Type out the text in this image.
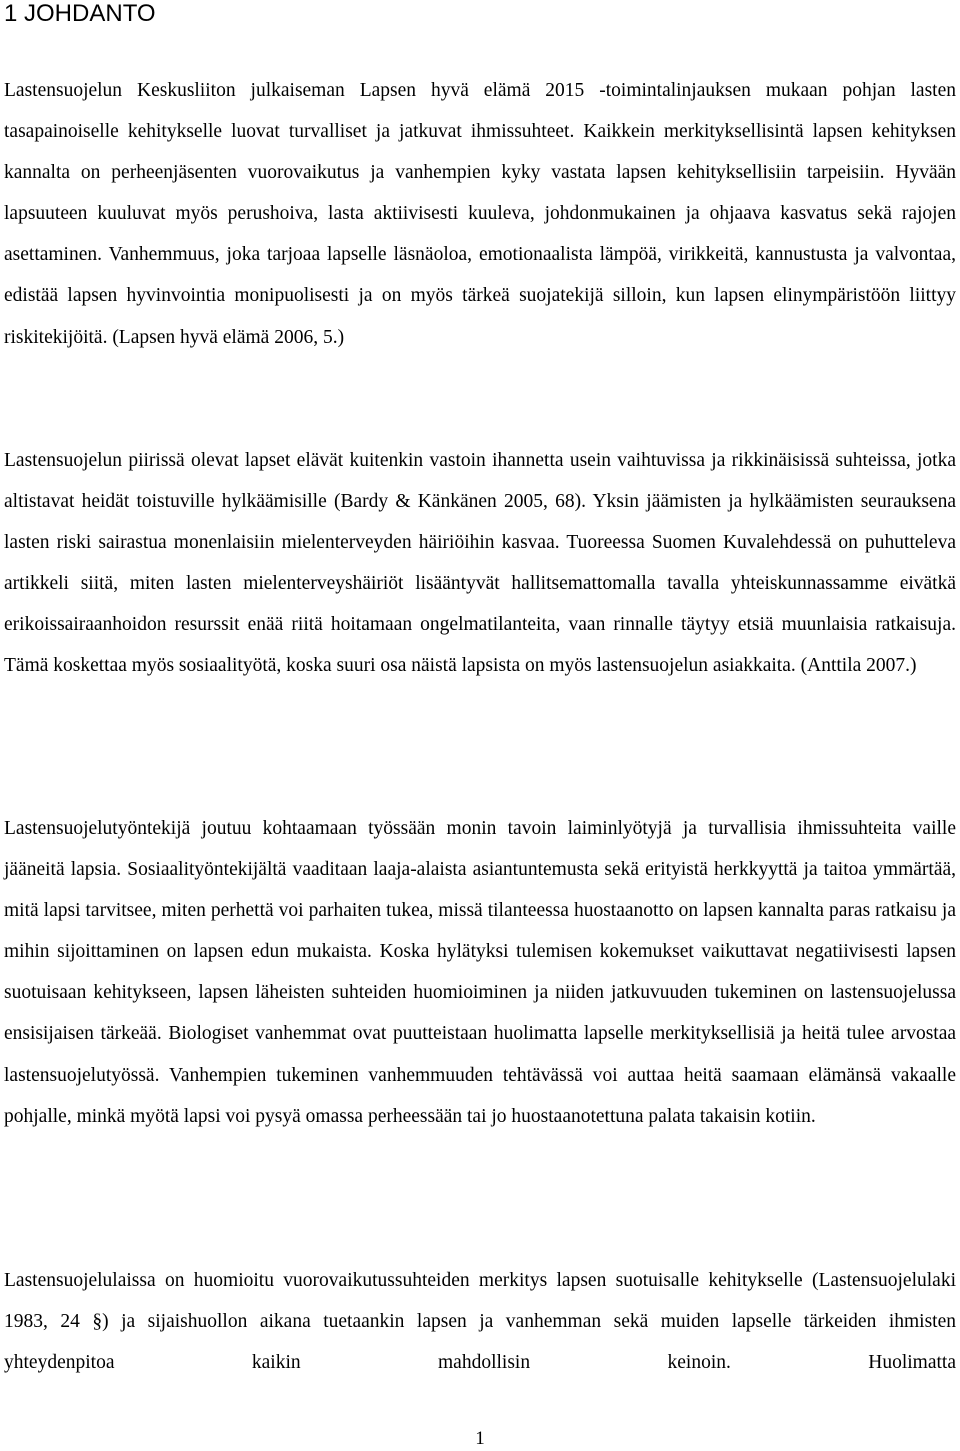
1 JOHDANTO

Lastensuojelun Keskusliiton julkaiseman Lapsen hyvä elämä 2015 -toimintalinjauksen mukaan pohjan lasten tasapainoiselle kehitykselle luovat turvalliset ja jatkuvat ihmissuhteet. Kaikkein merkityksellisintä lapsen kehityksen kannalta on perheenjäsenten vuorovaikutus ja vanhempien kyky vastata lapsen kehityksellisiin tarpeisiin. Hyvään lapsuuteen kuuluvat myös perushoiva, lasta aktiivisesti kuuleva, johdonmukainen ja ohjaava kasvatus sekä rajojen asettaminen. Vanhemmuus, joka tarjoaa lapselle läsnäoloa, emotionaalista lämpöä, virikkeitä, kannustusta ja valvontaa, edistää lapsen hyvinvointia monipuolisesti ja on myös tärkeä suojatekijä silloin, kun lapsen elinympäristöön liittyy riskitekijöitä. (Lapsen hyvä elämä 2006, 5.)

Lastensuojelun piirissä olevat lapset elävät kuitenkin vastoin ihannetta usein vaihtuvissa ja rikkinäisissä suhteissa, jotka altistavat heidät toistuville hylkäämisille (Bardy & Känkänen 2005, 68). Yksin jäämisten ja hylkäämisten seurauksena lasten riski sairastua monenlaisiin mielenterveyden häiriöihin kasvaa. Tuoreessa Suomen Kuvalehdessä on puhutteleva artikkeli siitä, miten lasten mielenterveyshäiriöt lisääntyvät hallitsemattomalla tavalla yhteiskunnassamme eivätkä erikoissairaanhoidon resurssit enää riitä hoitamaan ongelmatilanteita, vaan rinnalle täytyy etsiä muunlaisia ratkaisuja. Tämä koskettaa myös sosiaalityötä, koska suuri osa näistä lapsista on myös lastensuojelun asiakkaita. (Anttila 2007.)

Lastensuojelutyöntekijä joutuu kohtaamaan työssään monin tavoin laiminlyötyjä ja turvallisia ihmissuhteita vaille jääneitä lapsia. Sosiaalityöntekijältä vaaditaan laaja-alaista asiantuntemusta sekä erityistä herkkyyttä ja taitoa ymmärtää, mitä lapsi tarvitsee, miten perhettä voi parhaiten tukea, missä tilanteessa huostaanotto on lapsen kannalta paras ratkaisu ja mihin sijoittaminen on lapsen edun mukaista. Koska hylätyksi tulemisen kokemukset vaikuttavat negatiivisesti lapsen suotuisaan kehitykseen, lapsen läheisten suhteiden huomioiminen ja niiden jatkuvuuden tukeminen on lastensuojelussa ensisijaisen tärkeää. Biologiset vanhemmat ovat puutteistaan huolimatta lapselle merkityksellisiä ja heitä tulee arvostaa lastensuojelutyössä. Vanhempien tukeminen vanhemmuuden tehtävässä voi auttaa heitä saamaan elämänsä vakaalle pohjalle, minkä myötä lapsi voi pysyä omassa perheessään tai jo huostaanotettuna palata takaisin kotiin.

Lastensuojelulaissa on huomioitu vuorovaikutussuhteiden merkitys lapsen suotuisalle kehitykselle (Lastensuojelulaki 1983, 24 §) ja sijaishuollon aikana tuetaankin lapsen ja vanhemman sekä muiden lapselle tärkeiden ihmisten yhteydenpitoa kaikin mahdollisin keinoin. Huolimatta

1
